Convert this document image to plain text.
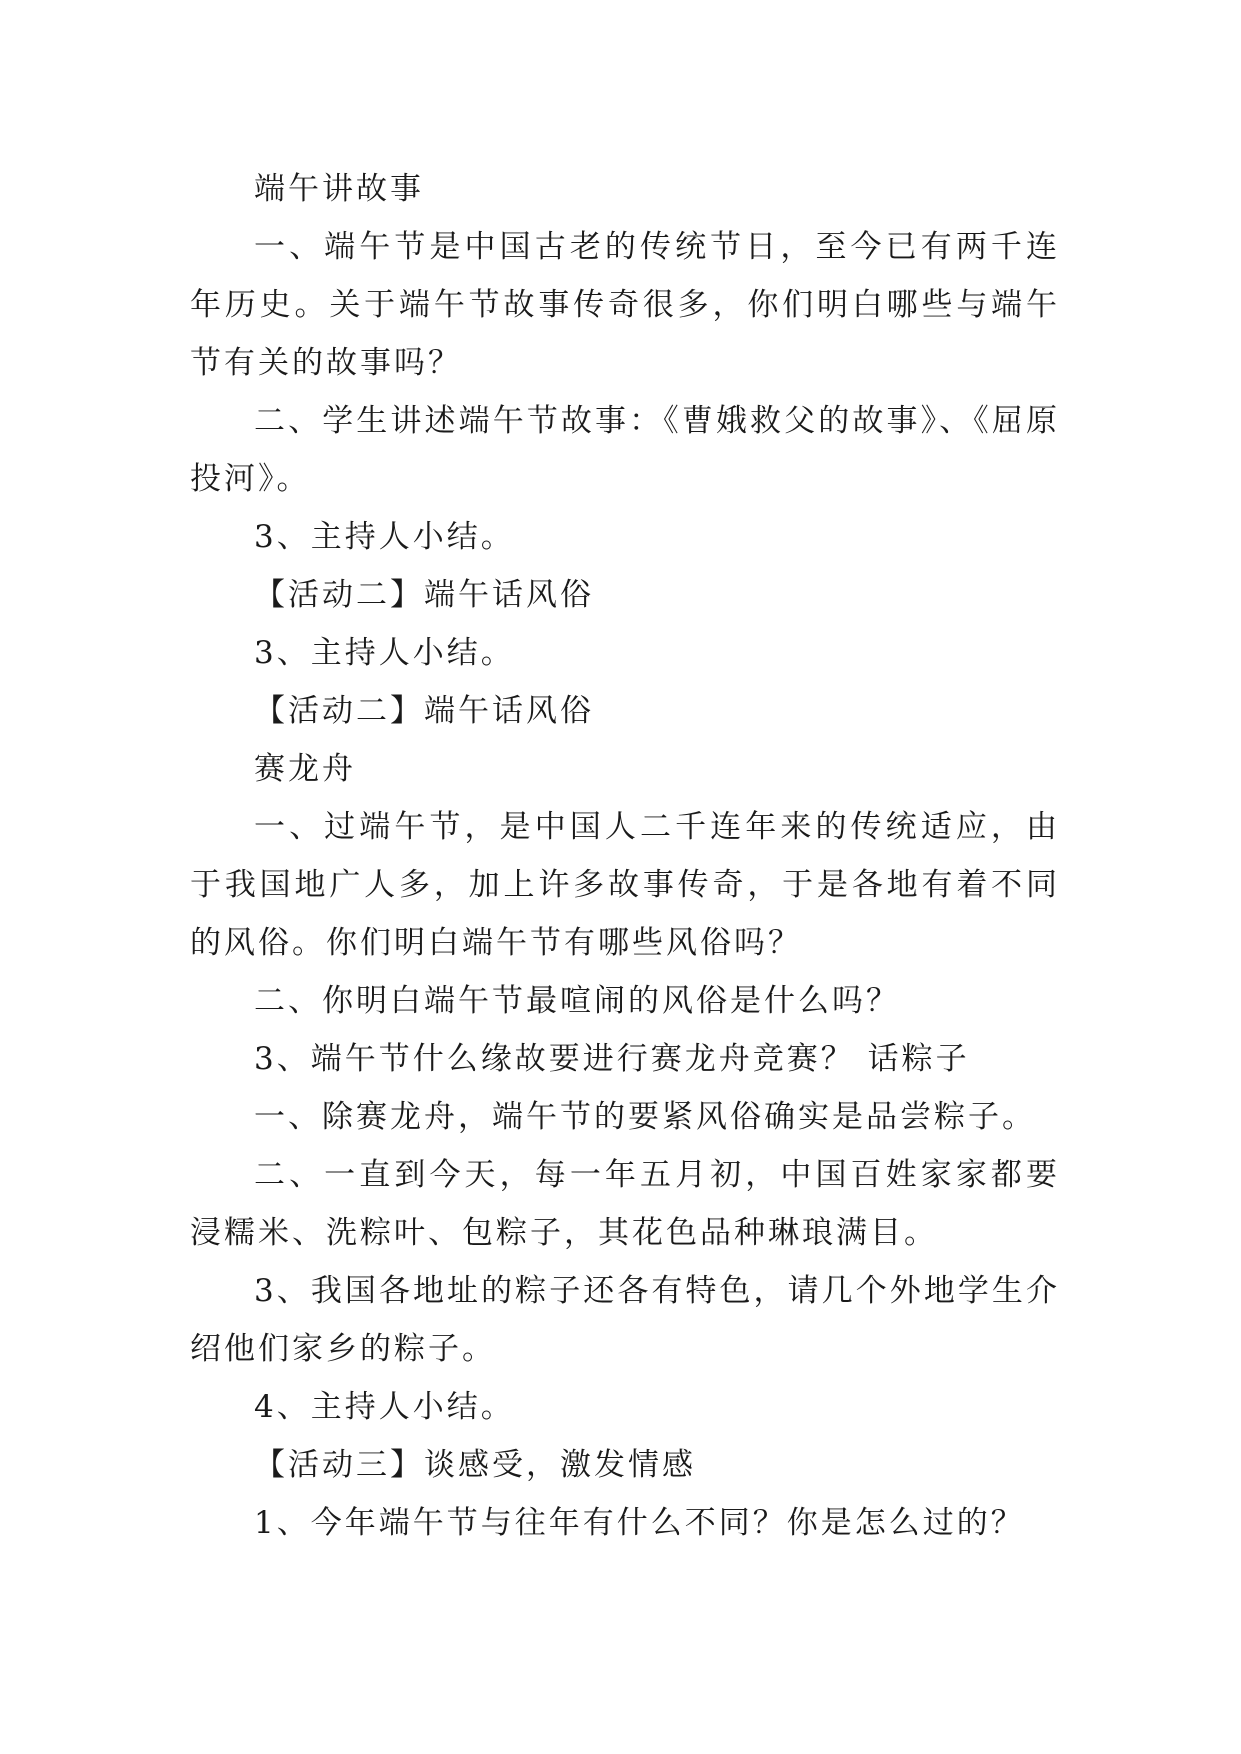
端午讲故事

一、端午节是中国古老的传统节日，至今已有两千连年历史。关于端午节故事传奇很多，你们明白哪些与端午节有关的故事吗？

二、学生讲述端午节故事：《曹娥救父的故事》、《屈原投河》。

3、主持人小结。

【活动二】端午话风俗

3、主持人小结。

【活动二】端午话风俗

赛龙舟

一、过端午节，是中国人二千连年来的传统适应，由于我国地广人多，加上许多故事传奇，于是各地有着不同的风俗。你们明白端午节有哪些风俗吗？

二、你明白端午节最喧闹的风俗是什么吗？

3、端午节什么缘故要进行赛龙舟竞赛？ 话粽子

一、除赛龙舟，端午节的要紧风俗确实是品尝粽子。

二、一直到今天，每一年五月初，中国百姓家家都要浸糯米、洗粽叶、包粽子，其花色品种琳琅满目。

3、我国各地址的粽子还各有特色，请几个外地学生介绍他们家乡的粽子。

4、主持人小结。

【活动三】谈感受，激发情感

1、今年端午节与往年有什么不同？你是怎么过的？
